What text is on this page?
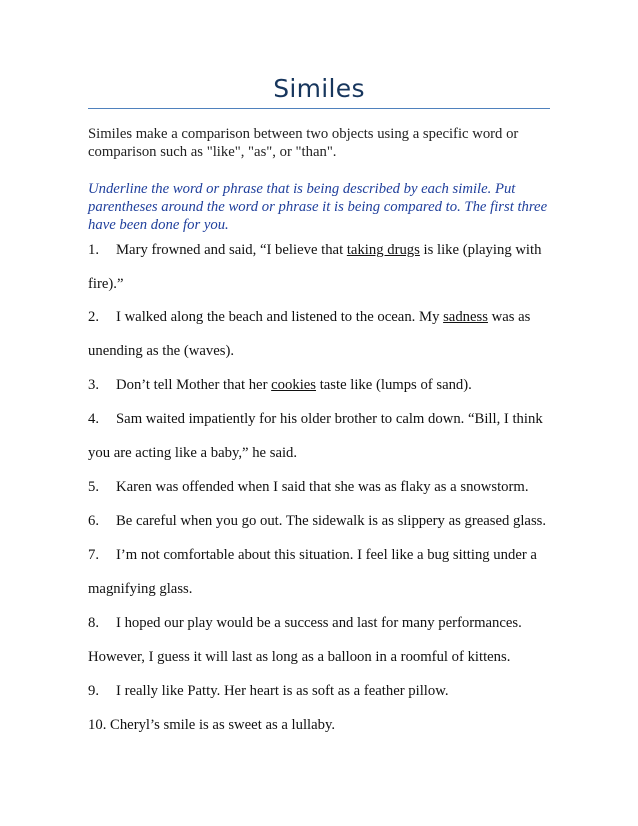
Similes

Similes make a comparison between two objects using a specific word or comparison such as "like", "as", or "than".

Underline the word or phrase that is being described by each simile. Put parentheses around the word or phrase it is being compared to. The first three have been done for you.

1. Mary frowned and said, “I believe that taking drugs is like (playing with
fire).”
2. I walked along the beach and listened to the ocean. My sadness was as
unending as the (waves).
3. Don’t tell Mother that her cookies taste like (lumps of sand).
4. Sam waited impatiently for his older brother to calm down. “Bill, I think
you are acting like a baby,” he said.
5. Karen was offended when I said that she was as flaky as a snowstorm.
6. Be careful when you go out. The sidewalk is as slippery as greased glass.
7. I’m not comfortable about this situation. I feel like a bug sitting under a
magnifying glass.
8. I hoped our play would be a success and last for many performances.
However, I guess it will last as long as a balloon in a roomful of kittens.
9. I really like Patty. Her heart is as soft as a feather pillow.
10. Cheryl’s smile is as sweet as a lullaby.
